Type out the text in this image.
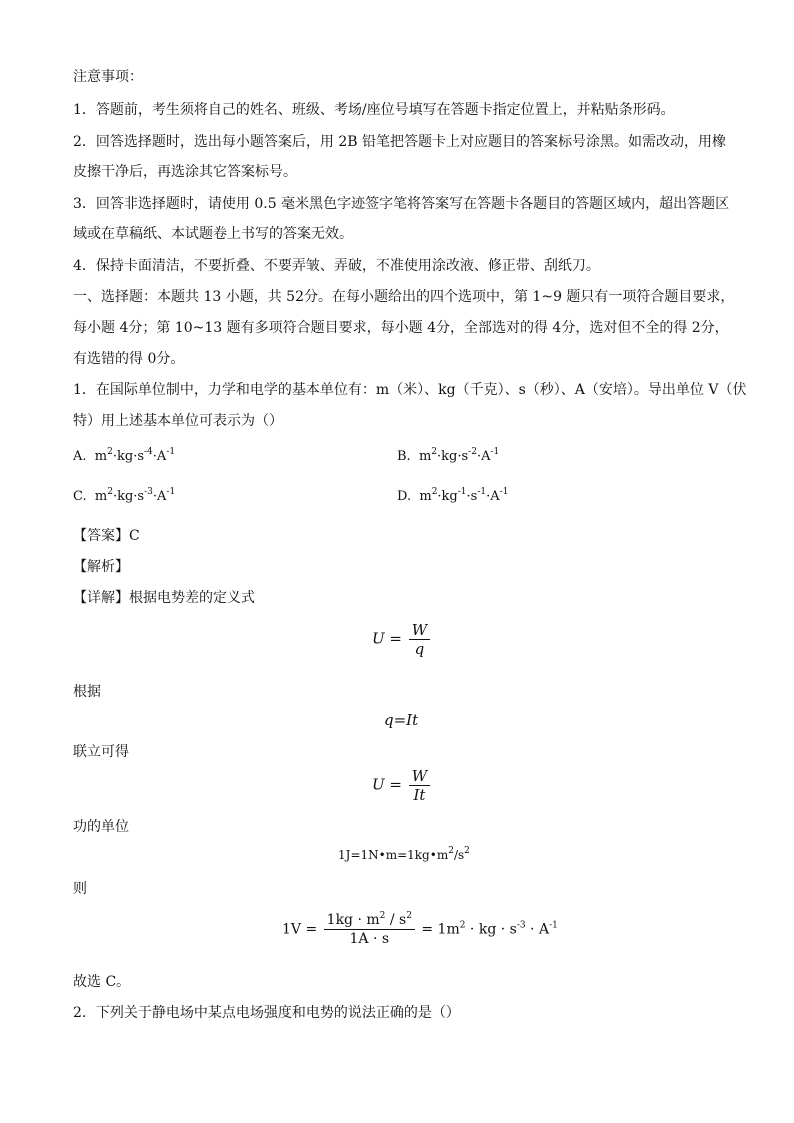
注意事项：
1．答题前，考生须将自己的姓名、班级、考场/座位号填写在答题卡指定位置上，并粘贴条形码。
2．回答选择题时，选出每小题答案后，用 2B 铅笔把答题卡上对应题目的答案标号涂黑。如需改动，用橡
皮擦干净后，再选涂其它答案标号。
3．回答非选择题时，请使用 0.5 毫米黑色字迹签字笔将答案写在答题卡各题目的答题区域内，超出答题区
域或在草稿纸、本试题卷上书写的答案无效。
4．保持卡面清洁，不要折叠、不要弄皱、弄破，不准使用涂改液、修正带、刮纸刀。
一、选择题：本题共 13 小题，共 52分。在每小题给出的四个选项中，第 1~9 题只有一项符合题目要求，
每小题 4分；第 10~13 题有多项符合题目要求，每小题 4分，全部选对的得 4分，选对但不全的得 2分，
有选错的得 0分。
1．在国际单位制中，力学和电学的基本单位有：m（米）、kg（千克）、s（秒）、A（安培）。导出单位 V（伏
特）用上述基本单位可表示为（）
A. $m^2\cdot kg\cdot s^{-4}\cdot A^{-1}$	B. $m^2\cdot kg\cdot s^{-2}\cdot A^{-1}$
C. $m^2\cdot kg\cdot s^{-3}\cdot A^{-1}$	D. $m^2\cdot kg^{-1}\cdot s^{-1}\cdot A^{-1}$
【答案】C
【解析】
【详解】根据电势差的定义式
$U = \frac{W}{q}$
根据
q=It
联立可得
$U = \frac{W}{It}$
功的单位
$1J=1N•m=1kg•m^2/s^2$
则
$1V = \frac{1kg \cdot m^2 / s^2}{1A \cdot s} = 1m^2$ · kg · $s^{-3} \cdot A^{-1}$
故选 C。
2．下列关于静电场中某点电场强度和电势的说法正确的是（）
